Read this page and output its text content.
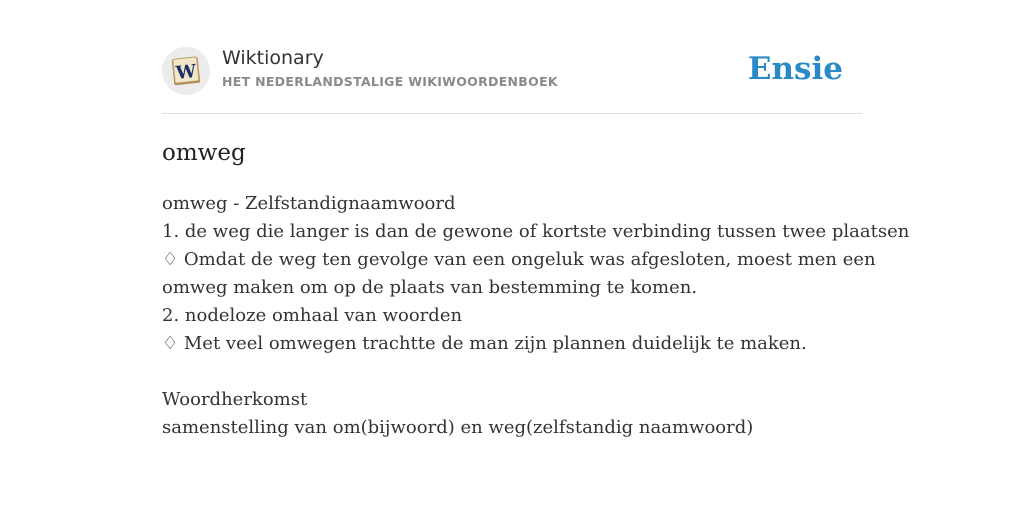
W
Wiktionary
HET NEDERLANDSTALIGE WIKIWOORDENBOEK	Ensie
omweg
omweg - Zelfstandignaamwoord
1. de weg die langer is dan de gewone of kortste verbinding tussen twee plaatsen
♢ Omdat de weg ten gevolge van een ongeluk was afgesloten, moest men een
omweg maken om op de plaats van bestemming te komen.
2. nodeloze omhaal van woorden
♢ Met veel omwegen trachtte de man zijn plannen duidelijk te maken.
Woordherkomst
samenstelling van om(bijwoord) en weg(zelfstandig naamwoord)
